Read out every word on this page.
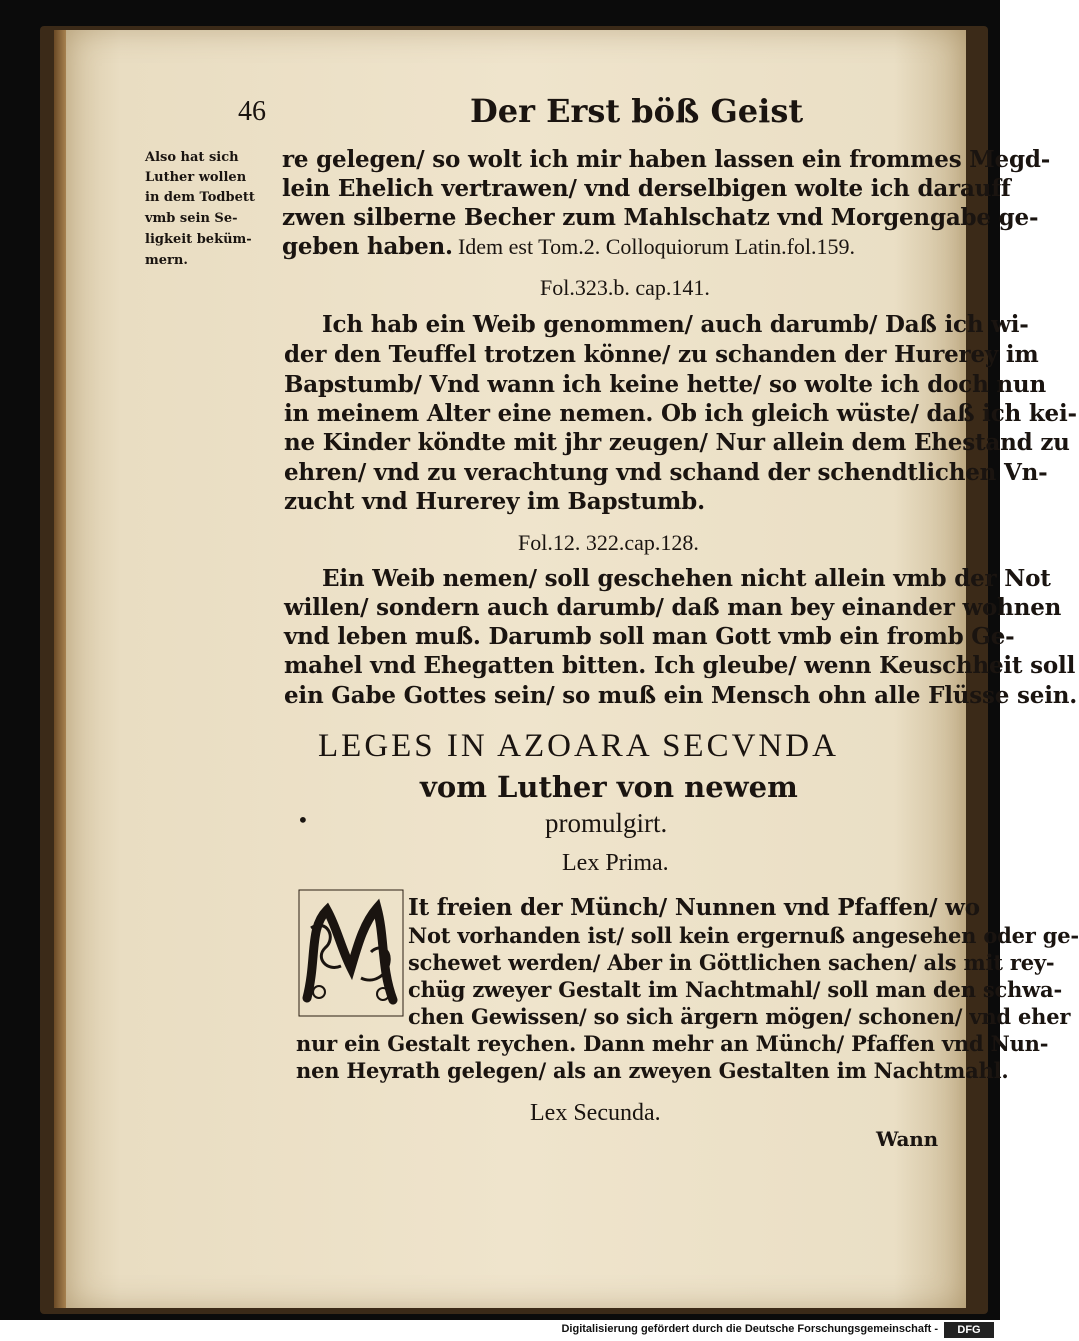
46	Der Erst böß Geist
Also hat sich
Luther wollen
in dem Todbett
vmb sein Se-
ligkeit beküm-
mern.
re gelegen/ so wolt ich mir haben lassen ein frommes Megd-
lein Ehelich vertrawen/ vnd derselbigen wolte ich darauff
zwen silberne Becher zum Mahlschatz vnd Morgengabe ge-
geben haben. Idem est Tom.2. Colloquiorum Latin.fol.159.
Fol.323.b. cap.141.
Ich hab ein Weib genommen/ auch darumb/ Daß ich wi-
der den Teuffel trotzen könne/ zu schanden der Hurerey im
Bapstumb/ Vnd wann ich keine hette/ so wolte ich doch nun
in meinem Alter eine nemen. Ob ich gleich wüste/ daß ich kei-
ne Kinder köndte mit jhr zeugen/ Nur allein dem Ehestand zu
ehren/ vnd zu verachtung vnd schand der schendtlichen Vn-
zucht vnd Hurerey im Bapstumb.
Fol.12. 322.cap.128.
Ein Weib nemen/ soll geschehen nicht allein vmb der Not
willen/ sondern auch darumb/ daß man bey einander wohnen
vnd leben muß. Darumb soll man Gott vmb ein fromb Ge-
mahel vnd Ehegatten bitten. Ich gleube/ wenn Keuschheit soll
ein Gabe Gottes sein/ so muß ein Mensch ohn alle Flüsse sein.
LEGES IN AZOARA SECVNDA
vom Luther von newem
•	promulgirt.
Lex Prima.
M
It freien der Münch/ Nunnen vnd Pfaffen/ wo
Not vorhanden ist/ soll kein ergernuß angesehen oder ge-
schewet werden/ Aber in Göttlichen sachen/ als mit rey-
chüg zweyer Gestalt im Nachtmahl/ soll man den schwa-
chen Gewissen/ so sich ärgern mögen/ schonen/ vnd eher
nur ein Gestalt reychen. Dann mehr an Münch/ Pfaffen vnd Nun-
nen Heyrath gelegen/ als an zweyen Gestalten im Nachtmahl.
Lex Secunda.
Wann
Digitalisierung gefördert durch die Deutsche Forschungsgemeinschaft -	DFG
